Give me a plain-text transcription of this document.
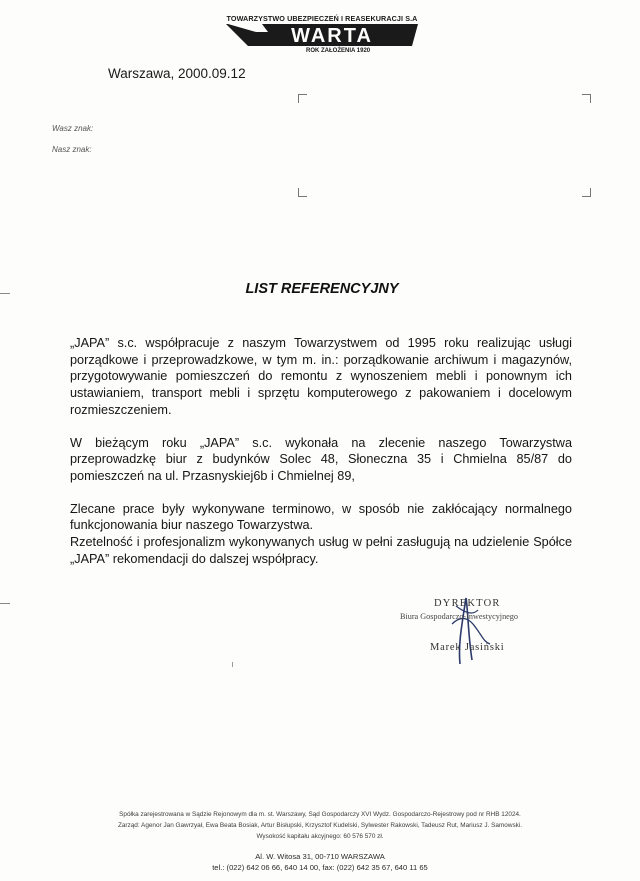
TOWARZYSTWO UBEZPIECZEŃ I REASEKURACJI S.A
WARTA
ROK ZAŁOŻENIA 1920
Warszawa, 2000.09.12
Wasz znak:
Nasz znak:
LIST REFERENCYJNY

„JAPA” s.c. współpracuje z naszym Towarzystwem od 1995 roku realizując usługi porządkowe i przeprowadzkowe, w tym m. in.: porządkowanie archiwum i magazynów, przygotowywanie pomieszczeń do remontu z wynoszeniem mebli i ponownym ich ustawianiem, transport mebli i sprzętu komputerowego z pakowaniem i docelowym rozmieszczeniem.

W bieżącym roku „JAPA” s.c. wykonała na zlecenie naszego Towarzystwa przeprowadzkę biur z budynków Solec 48, Słoneczna 35 i Chmielna 85/87 do pomieszczeń na ul. Przasnyskiej6b i Chmielnej 89,

Zlecane prace były wykonywane terminowo, w sposób nie zakłócający normalnego funkcjonowania biur naszego Towarzystwa.

Rzetelność i profesjonalizm wykonywanych usług w pełni zasługują na udzielenie Spółce „JAPA” rekomendacji do dalszej współpracy.

DYREKTOR
Biura Gospodarczo-Inwestycyjnego
Marek Jasiński
Spółka zarejestrowana w Sądzie Rejonowym dla m. st. Warszawy, Sąd Gospodarczy XVI Wydz. Gospodarczo-Rejestrowy pod nr RHB 12024.
Zarząd: Agenor Jan Gawrzyał, Ewa Beata Bosiak, Artur Bisłupski, Krzysztof Kudelski, Sylwester Rakowski, Tadeusz Rut, Mariusz J. Samowski.
Wysokość kapitału akcyjnego: 60 576 570 zł.
Al. W. Witosa 31, 00-710 WARSZAWA
tel.: (022) 642 06 66, 640 14 00, fax: (022) 642 35 67, 640 11 65
